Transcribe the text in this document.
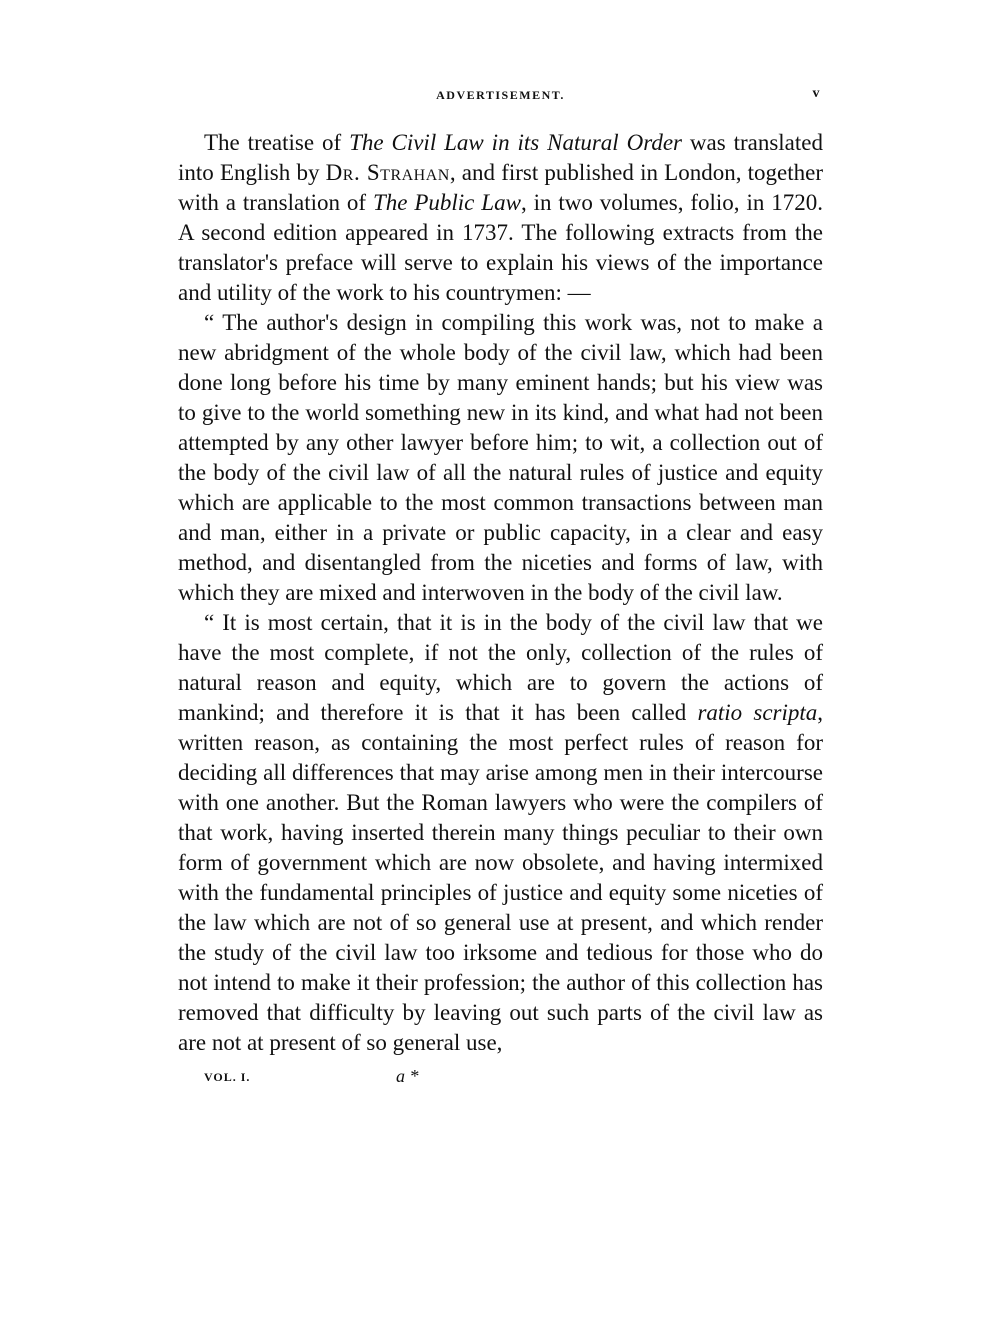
ADVERTISEMENT.	v

The treatise of The Civil Law in its Natural Order was translated into English by Dr. Strahan, and first published in London, together with a translation of The Public Law, in two volumes, folio, in 1720. A second edition appeared in 1737. The following extracts from the translator's preface will serve to explain his views of the importance and utility of the work to his countrymen: —

“ The author's design in compiling this work was, not to make a new abridgment of the whole body of the civil law, which had been done long before his time by many eminent hands; but his view was to give to the world something new in its kind, and what had not been attempted by any other lawyer before him; to wit, a collection out of the body of the civil law of all the natural rules of justice and equity which are applicable to the most common transactions between man and man, either in a private or public capacity, in a clear and easy method, and disentangled from the niceties and forms of law, with which they are mixed and interwoven in the body of the civil law.

“ It is most certain, that it is in the body of the civil law that we have the most complete, if not the only, collection of the rules of natural reason and equity, which are to govern the actions of mankind; and therefore it is that it has been called ratio scripta, written reason, as containing the most perfect rules of reason for deciding all differences that may arise among men in their intercourse with one another. But the Roman lawyers who were the compilers of that work, having inserted therein many things peculiar to their own form of government which are now obsolete, and having intermixed with the fundamental principles of justice and equity some niceties of the law which are not of so general use at present, and which render the study of the civil law too irksome and tedious for those who do not intend to make it their profession; the author of this collection has removed that difficulty by leaving out such parts of the civil law as are not at present of so general use,

VOL. I.	a *
